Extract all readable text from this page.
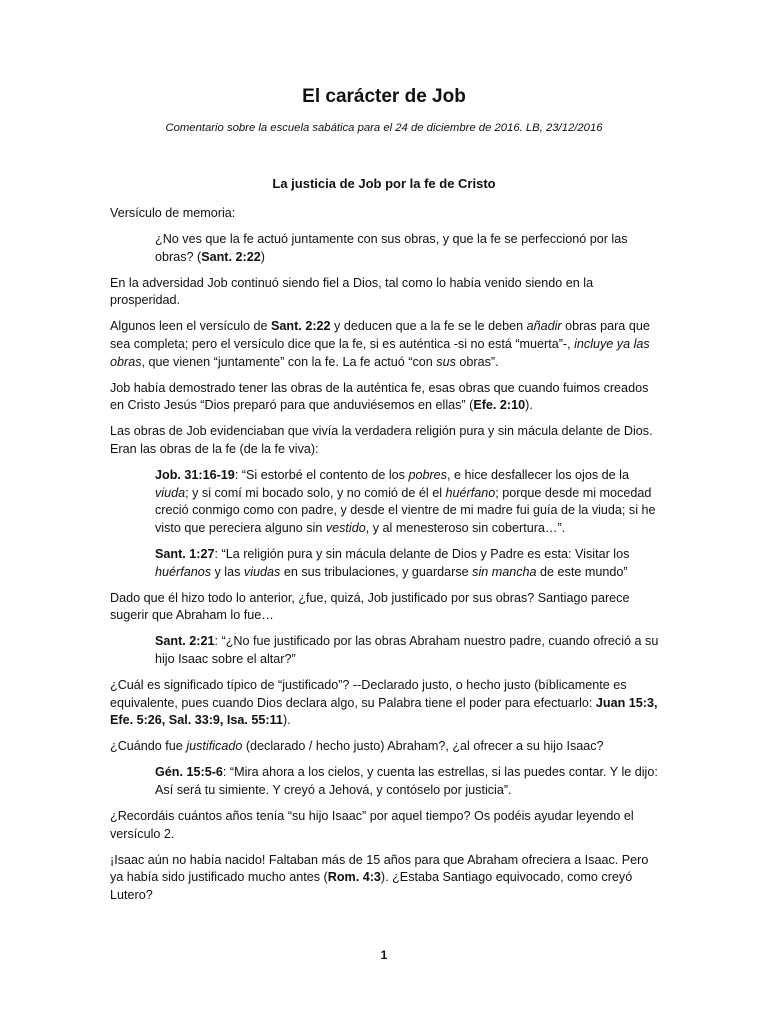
El carácter de Job
Comentario sobre la escuela sabática para el 24 de diciembre de 2016. LB, 23/12/2016
La justicia de Job por la fe de Cristo

Versículo de memoria:

¿No ves que la fe actuó juntamente con sus obras, y que la fe se perfeccionó por las obras? (Sant. 2:22)

En la adversidad Job continuó siendo fiel a Dios, tal como lo había venido siendo en la prosperidad.

Algunos leen el versículo de Sant. 2:22 y deducen que a la fe se le deben añadir obras para que sea completa; pero el versículo dice que la fe, si es auténtica -si no está “muerta”-, incluye ya las obras, que vienen “juntamente” con la fe. La fe actuó “con sus obras”.

Job había demostrado tener las obras de la auténtica fe, esas obras que cuando fuimos creados en Cristo Jesús “Dios preparó para que anduviésemos en ellas” (Efe. 2:10).

Las obras de Job evidenciaban que vivía la verdadera religión pura y sin mácula delante de Dios. Eran las obras de la fe (de la fe viva):

Job. 31:16-19: “Si estorbé el contento de los pobres, e hice desfallecer los ojos de la viuda; y si comí mi bocado solo, y no comió de él el huérfano; porque desde mi mocedad creció conmigo como con padre, y desde el vientre de mi madre fui guía de la viuda; si he visto que pereciera alguno sin vestido, y al menesteroso sin cobertura…”.

Sant. 1:27: “La religión pura y sin mácula delante de Dios y Padre es esta: Visitar los huérfanos y las viudas en sus tribulaciones, y guardarse sin mancha de este mundo”

Dado que él hizo todo lo anterior, ¿fue, quizá, Job justificado por sus obras? Santiago parece sugerir que Abraham lo fue…

Sant. 2:21: “¿No fue justificado por las obras Abraham nuestro padre, cuando ofreció a su hijo Isaac sobre el altar?”

¿Cuál es significado típico de “justificado”? --Declarado justo, o hecho justo (bíblicamente es equivalente, pues cuando Dios declara algo, su Palabra tiene el poder para efectuarlo: Juan 15:3, Efe. 5:26, Sal. 33:9, Isa. 55:11).

¿Cuándo fue justificado (declarado / hecho justo) Abraham?, ¿al ofrecer a su hijo Isaac?

Gén. 15:5-6: “Mira ahora a los cielos, y cuenta las estrellas, si las puedes contar. Y le dijo: Así será tu simiente. Y creyó a Jehová, y contóselo por justicia”.

¿Recordáis cuántos años tenía “su hijo Isaac” por aquel tiempo? Os podéis ayudar leyendo el versículo 2.

¡Isaac aún no había nacido! Faltaban más de 15 años para que Abraham ofreciera a Isaac. Pero ya había sido justificado mucho antes (Rom. 4:3). ¿Estaba Santiago equivocado, como creyó Lutero?

1
